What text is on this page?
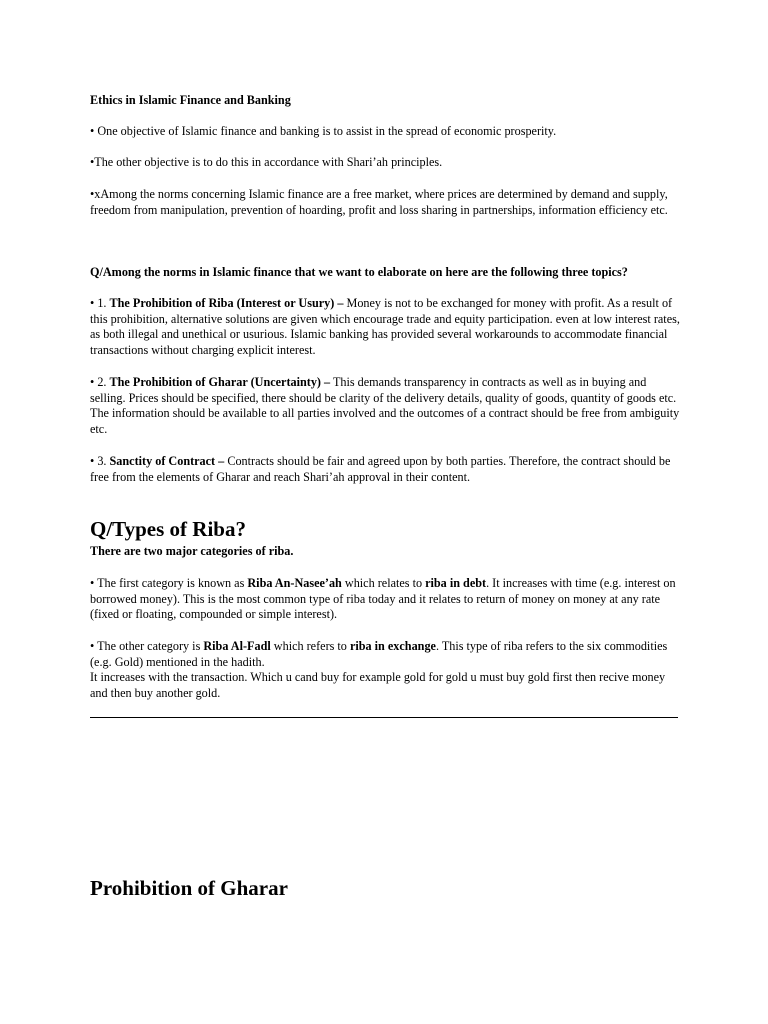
Ethics in Islamic Finance and Banking

• One objective of Islamic finance and banking is to assist in the spread of economic prosperity.

•The other objective is to do this in accordance with Shari’ah principles.

•xAmong the norms concerning Islamic finance are a free market, where prices are determined by demand and supply, freedom from manipulation, prevention of hoarding, profit and loss sharing in partnerships, information efficiency etc.

Q/Among the norms in Islamic finance that we want to elaborate on here are the following three topics?

• 1. The Prohibition of Riba (Interest or Usury) – Money is not to be exchanged for money with profit. As a result of this prohibition, alternative solutions are given which encourage trade and equity participation. even at low interest rates, as both illegal and unethical or usurious. Islamic banking has provided several workarounds to accommodate financial transactions without charging explicit interest.

• 2. The Prohibition of Gharar (Uncertainty) – This demands transparency in contracts as well as in buying and selling. Prices should be specified, there should be clarity of the delivery details, quality of goods, quantity of goods etc. The information should be available to all parties involved and the outcomes of a contract should be free from ambiguity etc.

• 3. Sanctity of Contract – Contracts should be fair and agreed upon by both parties. Therefore, the contract should be free from the elements of Gharar and reach Shari’ah approval in their content.

Q/Types of Riba?

There are two major categories of riba.

• The first category is known as Riba An-Nasee’ah which relates to riba in debt. It increases with time (e.g. interest on borrowed money). This is the most common type of riba today and it relates to return of money on money at any rate (fixed or floating, compounded or simple interest).

• The other category is Riba Al-Fadl which refers to riba in exchange. This type of riba refers to the six commodities (e.g. Gold) mentioned in the hadith.
It increases with the transaction. Which u cand buy for example gold for gold u must buy gold first then recive money and then buy another gold.

Prohibition of Gharar
